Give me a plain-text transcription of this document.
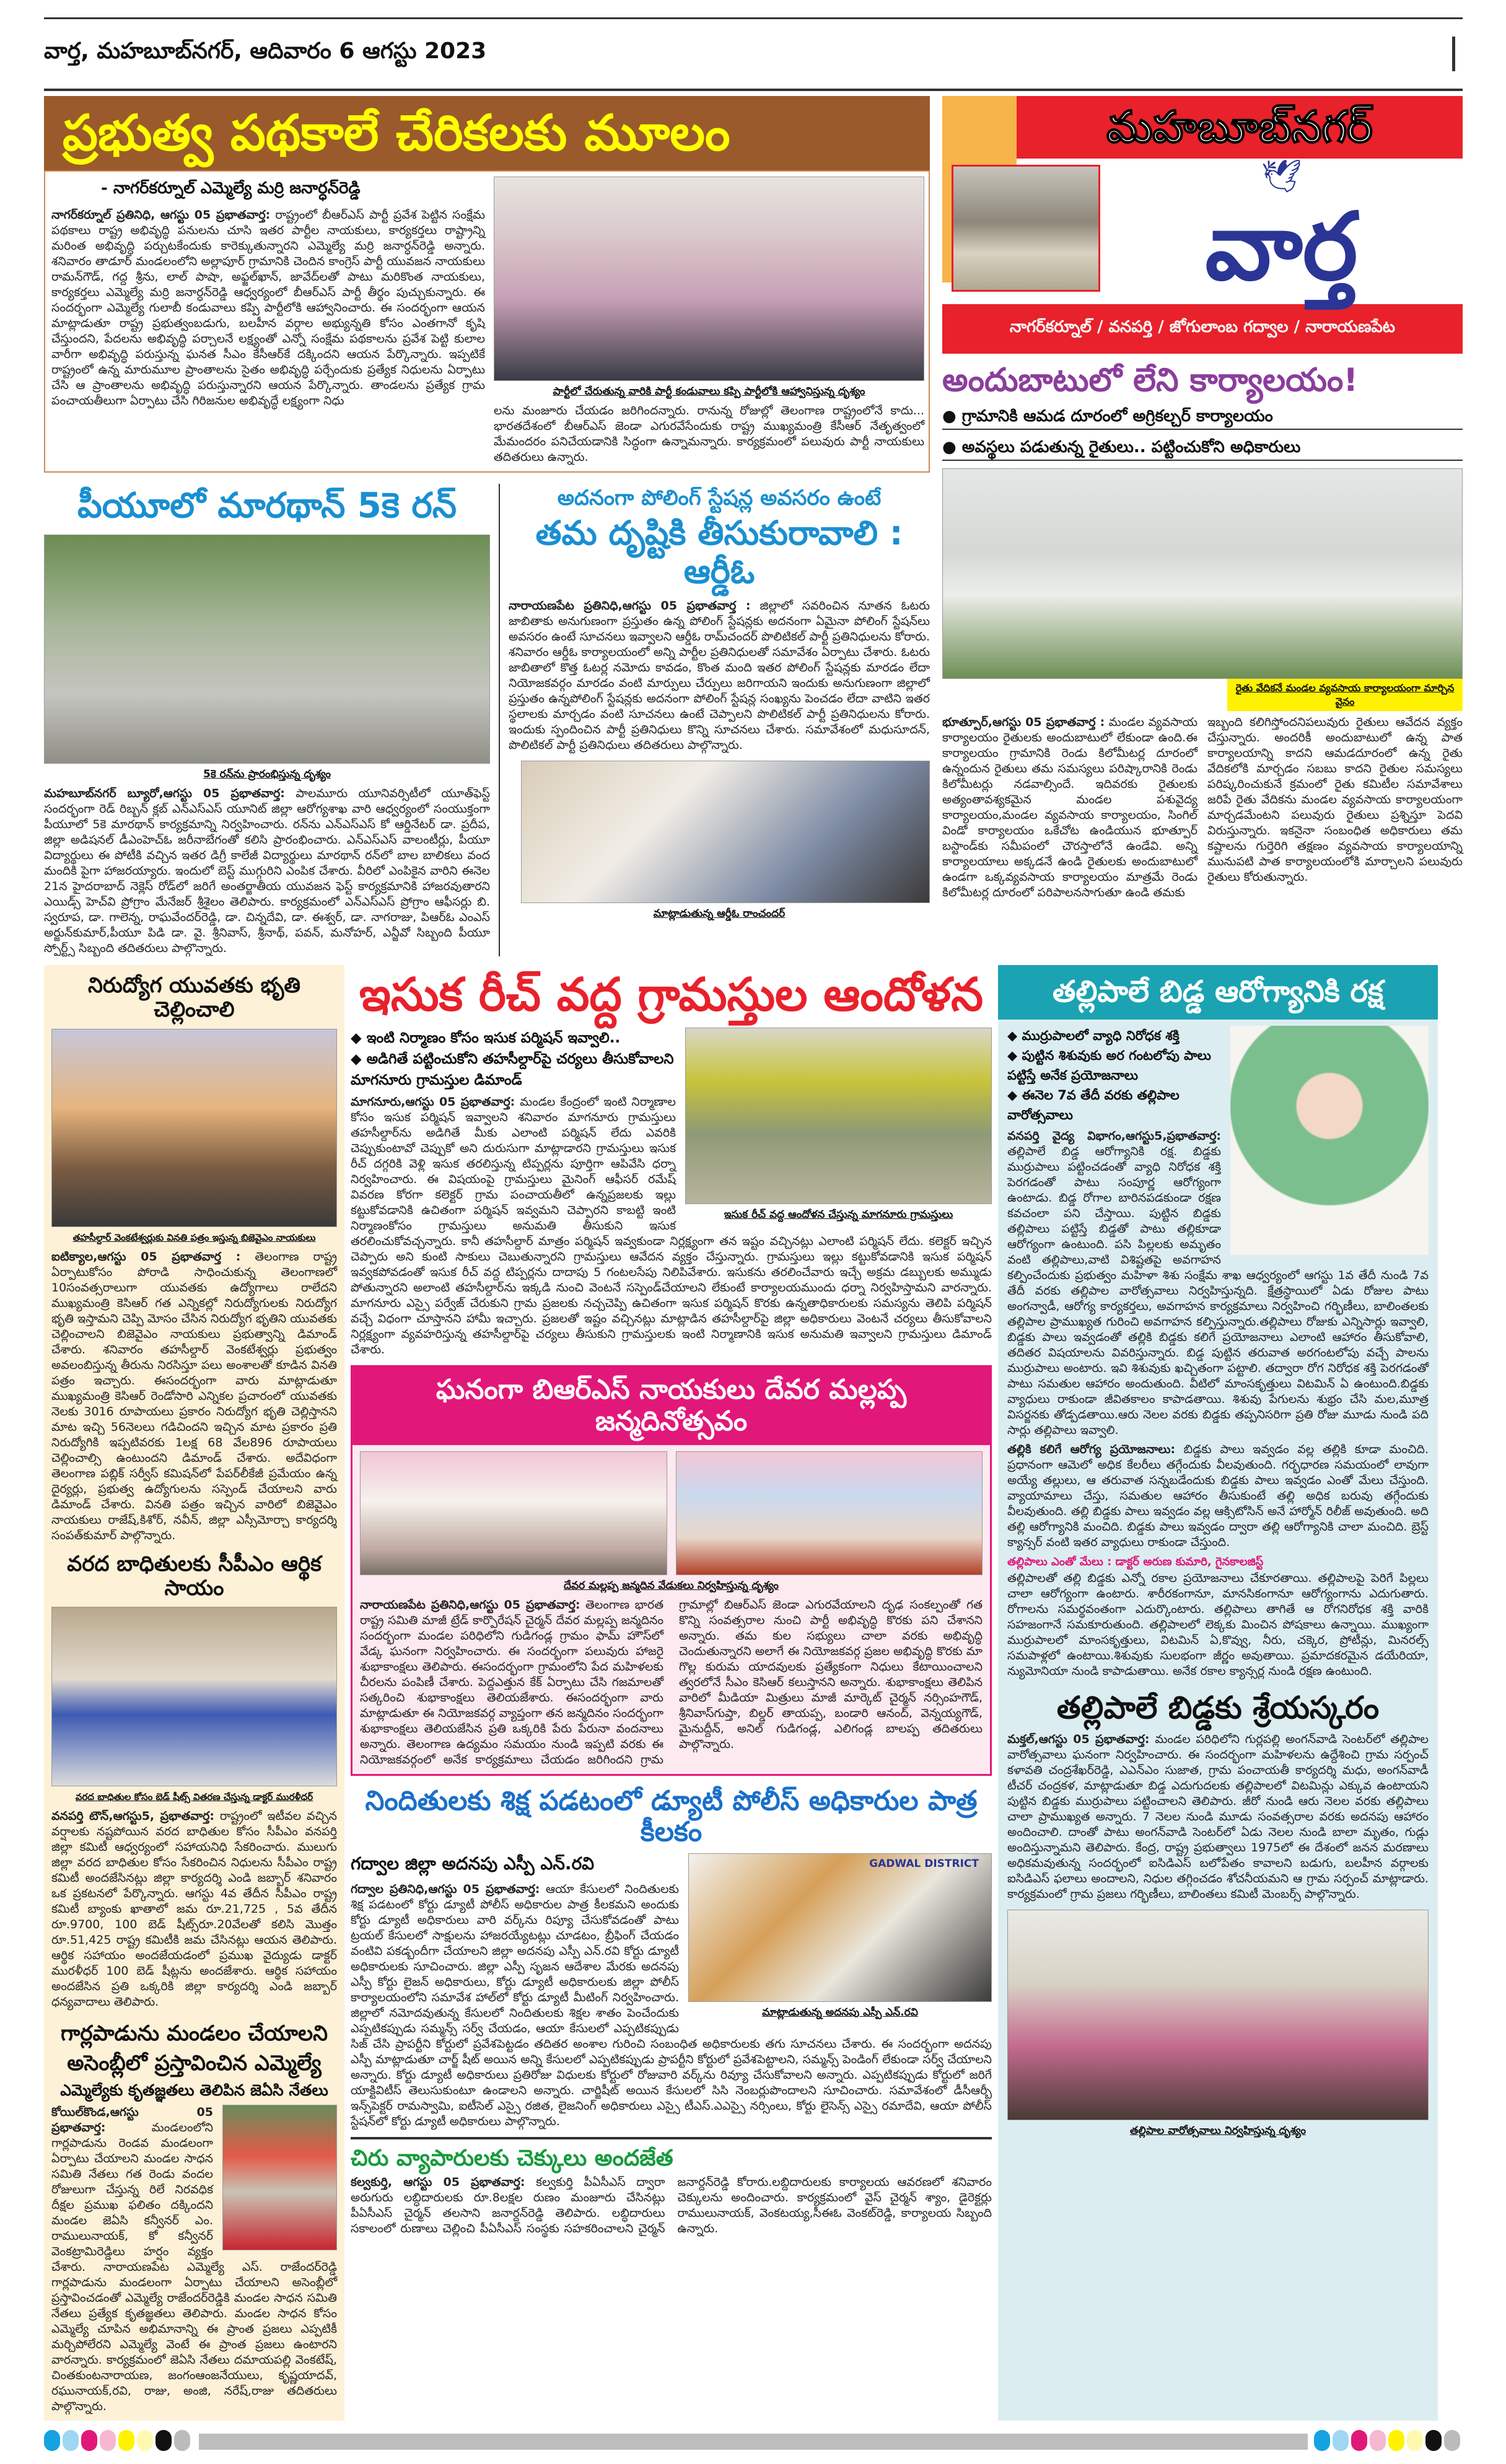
వార్త, మహబూబ్‌నగర్, ఆదివారం 6 ఆగస్టు 2023
ప్రభుత్వ పథకాలే చేరికలకు మూలం
- నాగర్‌కర్నూల్ ఎమ్మెల్యే మర్రి జనార్ధన్‌రెడ్డి
నాగర్‌కర్నూల్ ప్రతినిధి, ఆగస్టు 05 ప్రభాతవార్త: రాష్ట్రంలో బీఆర్ఎస్ పార్టీ ప్రవేశ పెట్టిన సంక్షేమ పథకాలు రాష్ట్ర అభివృద్ధి పనులను చూసి ఇతర పార్టీల నాయకులు, కార్యకర్తలు రాష్ట్రాన్ని మరింత అభివృద్ధి పర్చుటకేందుకు కారెక్కుతున్నారని ఎమ్మెల్యే మర్రి జనార్ధన్‌రెడ్డి అన్నారు. శనివారం తాడూర్ మండలంలోని అల్లాపూర్ గ్రామానికి చెందిన కాంగ్రెస్ పార్టీ యువజన నాయకులు రామన్‌గౌడ్, గద్ద శ్రీను, లాల్ పాషా, అఫ్జల్‌ఖాన్, జావేద్‌లతో పాటు మరికొంత నాయకులు, కార్యకర్తలు ఎమ్మెల్యే మర్రి జనార్ధన్‌రెడ్డి ఆధ్వర్యంలో బీఆర్ఎస్ పార్టీ తీర్థం పుచ్చుకున్నారు. ఈ సందర్భంగా ఎమ్మెల్యే గులాబీ కండువాలు కప్పి పార్టీలోకి ఆహ్వానించారు. ఈ సందర్భంగా ఆయన మాట్లాడుతూ రాష్ట్ర ప్రభుత్వంబడుగు, బలహీన వర్గాల అభ్యున్నతి కోసం ఎంతగానో కృషి చేస్తుందని, పేదలను అభివృద్ధి పర్చాలనే లక్ష్యంతో ఎన్నో సంక్షేమ పథకాలను ప్రవేశ పెట్టి కులాల వారీగా అభివృద్ధి పరుస్తున్న ఘనత సీఎం కేసీఆర్‌కే దక్కిందని ఆయన పేర్కొన్నారు. ఇప్పటికే రాష్ట్రంలో ఉన్న మారుమూల ప్రాంతాలను సైతం అభివృద్ధి పర్చేందుకు ప్రత్యేక నిధులను ఏర్పాటు చేసి ఆ ప్రాంతాలను అభివృద్ధి పరుస్తున్నారని ఆయన పేర్కొన్నారు. తాండలను ప్రత్యేక గ్రామ పంచాయతీలుగా ఏర్పాటు చేసి గిరిజనుల అభివృద్ధే లక్ష్యంగా నిధు
పార్టీలో చేరుతున్న వారికి పార్టీ కండువాలు కప్పి పార్టీలోకి ఆహ్వానిస్తున్న దృశ్యం
లను మంజూరు చేయడం జరిగిందన్నారు. రానున్న రోజుల్లో తెలంగాణ రాష్ట్రంలోనే కాదు... భారతదేశంలో బీఆర్ఎస్ జెండా ఎగురవేసేందుకు రాష్ట్ర ముఖ్యమంత్రి కేసీఆర్ నేతృత్వంలో మేమందరం పనిచేయడానికి సిద్ధంగా ఉన్నామన్నారు. కార్యక్రమంలో పలువురు పార్టీ నాయకులు తదితరులు ఉన్నారు.
పీయూలో మారథాన్ 5కె రన్
5కె రన్‌ను ప్రారంభిస్తున్న దృశ్యం
మహబూబ్‌నగర్ బ్యూరో,ఆగస్టు 05 ప్రభాతవార్త: పాలమూరు యూనివర్సిటీలో యూత్‌ఫెస్ట్ సందర్భంగా రెడ్ రిబ్బన్ క్లబ్ ఎన్ఎస్ఎస్ యూనిట్ జిల్లా ఆరోగ్యశాఖ వారి ఆధ్వర్యంలో సంయుక్తంగా పీయూలో 5కె మారథాన్ కార్యక్రమాన్ని నిర్వహించారు. రన్‌ను ఎన్ఎస్ఎస్ కో ఆర్డినేటర్ డా. ప్రదీప, జిల్లా అడిషనల్ డీఎంహెచ్ఓ జరీనాబేగంతో కలిసి ప్రారంభించారు. ఎన్ఎస్ఎస్ వాలంటీర్లు, పీయూ విద్యార్థులు ఈ పోటీకి వచ్చిన ఇతర డిగ్రీ కాలేజీ విద్యార్థులు మారథాన్ రన్‌లో బాల బాలికలు వంద మందికి పైగా హాజరయ్యారు. ఇందులో బెస్ట్ ముగ్గురిని ఎంపిక చేశారు. వీరిలో ఎంపికైన వారిని ఈనెల 21న హైదరాబాద్ నెక్లెస్ రోడ్‌లో జరిగే అంతర్జాతీయ యువజన ఫెస్ట్ కార్యక్రమానికి హాజరవుతారని ఎయిడ్స్ హెచ్‌వి ప్రోగ్రాం మేనేజర్ శ్రీశైలం తెలిపారు. కార్యక్రమంలో ఎన్ఎస్ఎస్ ప్రోగ్రాం ఆఫీసర్లు బి. స్వరూప, డా. గాలెన్న, రాఘవేందర్‌రెడ్డి, డా. చిన్నదేవి, డా. ఈశ్వర్, డా. నాగరాజు, పిఆర్ఓ ఎంఎస్ అర్జున్‌కుమార్,పీయూ పిడి డా. వై. శ్రీనివాస్, శ్రీనాథ్, పవన్, మనోహర్, ఎన్జీవో సిబ్బంది పీయూ స్పోర్ట్స్ సిబ్బంది తదితరులు పాల్గొన్నారు.
అదనంగా పోలింగ్ స్టేషన్ల అవసరం ఉంటే
తమ దృష్టికి తీసుకురావాలి : ఆర్డీఓ
నారాయణపేట ప్రతినిధి,ఆగస్టు 05 ప్రభాతవార్త : జిల్లాలో సవరించిన నూతన ఓటరు జాబితాకు అనుగుణంగా ప్రస్తుతం ఉన్న పోలింగ్ స్టేషన్లకు అదనంగా ఏమైనా పోలింగ్ స్టేషన్‌లు అవసరం ఉంటే సూచనలు ఇవ్వాలని ఆర్డీఓ రామ్‌చందర్ పొలిటికల్ పార్టీ ప్రతినిధులను కోరారు. శనివారం ఆర్డీఓ కార్యాలయంలో అన్ని పార్టీల ప్రతినిధులతో సమావేశం ఏర్పాటు చేశారు. ఓటరు జాబితాలో కొత్త ఓటర్ల నమోదు కావడం, కొంత మంది ఇతర పోలింగ్ స్టేషన్లకు మారడం లేదా నియోజకవర్గం మారడం వంటి మార్పులు చేర్పులు జరిగాయని ఇందుకు అనుగుణంగా జిల్లాలో ప్రస్తుతం ఉన్నపోలింగ్ స్టేషన్లకు అదనంగా పోలింగ్ స్టేషన్ల సంఖ్యను పెంచడం లేదా వాటిని ఇతర స్థలాలకు మార్చడం వంటి సూచనలు ఉంటే చెప్పాలని పొలిటికల్ పార్టీ ప్రతినిధులను కోరారు. ఇందుకు స్పందించిన పార్టీ ప్రతినిధులు కొన్ని సూచనలు చేశారు. సమావేశంలో మధుసూదన్, పొలిటికల్ పార్టీ ప్రతినిధులు తదితరులు పాల్గొన్నారు.
మాట్లాడుతున్న ఆర్డీఓ రాంచందర్
మహబూబ్‌నగర్
🕊
వార్త
నాగర్‌కర్నూల్ / వనపర్తి / జోగులాంబ గద్వాల / నారాయణపేట
అందుబాటులో లేని కార్యాలయం!
● గ్రామానికి ఆమడ దూరంలో అగ్రికల్చర్ కార్యాలయం
● అవస్థలు పడుతున్న రైతులు.. పట్టించుకోని అధికారులు
రైతు వేదికనే మండల వ్యవసాయ కార్యాలయంగా మార్చిన వైనం
భూత్పూర్,ఆగస్టు 05 ప్రభాతవార్త : మండల వ్యవసాయ కార్యాలయం రైతులకు అందుబాటులో లేకుండా ఉంది.ఈ కార్యాలయం గ్రామానికి రెండు కిలోమీటర్ల దూరంలో ఉన్నందున రైతులు తమ సమస్యలు పరిష్కారానికి రెండు కిలోమీటర్లు నడవాల్సిందే. ఇదివరకు రైతులకు అత్యంతావశ్యకమైన మండల పశువైద్య కార్యాలయం,మండల వ్యవసాయ కార్యాలయం, సింగిల్ విండో కార్యాలయం ఒకేచోట ఉండియున భూత్పూర్ బస్టాండ్‌కు సమీపంలో చౌరస్తాలోనే ఉండేవి. అన్ని కార్యాలయాలు అక్కడనే ఉండి రైతులకు అందుబాటులో ఉండగా ఒక్కవ్యవసాయ కార్యాలయం మాత్రమే రెండు కిలోమీటర్ల దూరంలో పరిపాలనసాగుతూ ఉండి తమకు
ఇబ్బంది కలిగిస్తోందనిపలువురు రైతులు ఆవేదన వ్యక్తం చేస్తున్నారు. అందరికీ అందుబాటులో ఉన్న పాత కార్యాలయాన్ని కాదని ఆమడదూరంలో ఉన్న రైతు వేదికలోకి మార్చడం సబబు కాదని రైతుల సమస్యలు పరిష్కరించుకునే క్రమంలో రైతు కమిటీల సమావేశాలు జరిపే రైతు వేదికను మండల వ్యవసాయ కార్యాలయంగా మార్చడమేంటని పలువురు రైతులు ప్రశ్నిస్తూ పెదవి విరుస్తున్నారు. ఇకనైనా సంబంధిత అధికారులు తమ కష్టాలను గుర్తెరిగి తక్షణం వ్యవసాయ కార్యాలయాన్ని మునుపటి పాత కార్యాలయంలోకి మార్చాలని పలువురు రైతులు కోరుతున్నారు.
నిరుద్యోగ యువతకు భృతి చెల్లించాలి
తహసీల్దార్ వెంకటేశ్వర్లుకు వినతి పత్రం ఇస్తున్న బిజెవైఎం నాయకులు
ఐటిక్యాల,ఆగస్టు 05 ప్రభాతవార్త : తెలంగాణ రాష్ట్ర ఏర్పాటుకోసం పోరాడి సాధించుకున్న తెలంగాణలో 10సంవత్సరాలుగా యువతకు ఉద్యోగాలు రాలేదని ముఖ్యమంత్రి కెసిఆర్ గత ఎన్నికల్లో నిరుద్యోగులకు నిరుద్యోగ భృతి ఇస్తామని చెప్పి మోసం చేసిన నిరుద్యోగ భృతిని యువతకు చెల్లించాలని బిజెవైఎం నాయకులు ప్రభుత్వాన్ని డిమాండ్ చేశారు. శనివారం తహసీల్దార్ వెంకటేశ్వర్లు ప్రభుత్వం అవలంబిస్తున్న తీరును నిరసిస్తూ పలు అంశాలతో కూడిన వినతి పత్రం ఇచ్చారు. ఈసందర్భంగా వారు మాట్లాడుతూ ముఖ్యమంత్రి కెసిఆర్ రెండోసారి ఎన్నికల ప్రచారంలో యువతకు నెలకు 3016 రూపాయలు ప్రకారం నిరుద్యోగ భృతి చెల్లిస్తానని మాట ఇచ్చి 56నెలలు గడిచిందని ఇచ్చిన మాట ప్రకారం ప్రతి నిరుద్యోగికి ఇప్పటివరకు 1లక్ష 68 వేల896 రూపాయలు చెల్లించాల్సి ఉంటుందని డిమాండ్ చేశారు. అదేవిధంగా తెలంగాణ పబ్లిక్ సర్వీస్ కమిషన్‌లో పేపర్‌లీకేజీ ప్రమేయం ఉన్న దైర్యర్లు, ప్రభుత్వ ఉద్యోగులను సస్పెండ్ చేయాలని వారు డిమాండ్ చేశారు. వినతి పత్రం ఇచ్చిన వారిలో బిజెవైఎం నాయకులు రాజేష్,కిశోర్, నవీన్, జిల్లా ఎస్సీమోర్చా కార్యదర్శి సంపత్‌కుమార్ పాల్గొన్నారు.
వరద బాధితులకు సీపీఎం ఆర్థిక సాయం
వరద బాధితుల కోసం బెడ్ షీట్స్ వితరణ చేస్తున్న డాక్టర్ మురళీధర్
వనపర్తి టౌన్,ఆగస్టు5, ప్రభాతవార్త: రాష్ట్రంలో ఇటీవల వచ్చిన వర్షాలకు నష్టపోయిన వరద బాధితుల కోసం సీపీఎం వనపర్తి జిల్లా కమిటీ ఆధ్వర్యంలో సహాయనిధి సేకరించారు. ములుగు జిల్లా వరద బాధితుల కోసం సేకరించిన నిధులను సీపీఎం రాష్ట్ర కమిటీ అందజేసినట్లు జిల్లా కార్యదర్శి ఎండి జబ్బార్ శనివారం ఒక ప్రకటనలో పేర్కొన్నారు. ఆగస్టు 4వ తేదీన సీపీఎం రాష్ట్ర కమిటీ బ్యాంకు ఖాతాలో జమ రూ.21,725 , 5వ తేదీన రూ.9700, 100 బెడ్ షీట్స్‌రూ.20వేలతో కలిసి మొత్తం రూ.51,425 రాష్ట్ర కమిటీకి జమ చేసినట్లు ఆయన తెలిపారు. ఆర్థిక సహాయం అందజేయడంలో ప్రముఖ వైద్యుడు డాక్టర్ మురళీధర్ 100 బెడ్ షీట్లను అందజేశారు. ఆర్థిక సహాయం అందజేసిన ప్రతి ఒక్కరికి జిల్లా కార్యదర్శి ఎండి జబ్బార్ ధన్యవాదాలు తెలిపారు.
గార్లపాడును మండలం చేయాలని అసెంబ్లీలో ప్రస్తావించిన ఎమ్మెల్యే
ఎమ్మెల్యేకు కృతజ్ఞతలు తెలిపిన జెఏసి నేతలు
కోయిల్‌కొండ,ఆగస్టు 05 ప్రభాతవార్త:	మండలంలోని గార్లపాడును రెండవ మండలంగా ఏర్పాటు చేయాలని మండల సాధన సమితి నేతలు గత రెండు వందల రోజులుగా చేస్తున్న రిలే నిరవధిక దీక్షల ప్రముఖ ఫలితం దక్కిందని మండల జెఏసి కన్వీనర్ ఎం. రాములునాయక్, కో కన్వీనర్ వెంకట్రామిరెడ్డిలు హర్షం వ్యక్తం చేశారు. నారాయణపేట ఎమ్మెల్యే ఎస్. రాజేందర్‌రెడ్డి గార్లపాడును మండలంగా ఏర్పాటు చేయాలని అసెంబ్లీలో ప్రస్తావించడంతో ఎమ్మెల్యే రాజేందర్‌రెడ్డికి మండల సాధన సమితి నేతలు ప్రత్యేక కృతజ్ఞతలు తెలిపారు. మండల సాధన కోసం ఎమ్మెల్యే చూపిన అభిమానాన్ని ఈ ప్రాంత ప్రజలు ఎప్పటికీ మర్చిపోలేరని ఎమ్మెల్యే వెంటే ఈ ప్రాంత ప్రజలు ఉంటారని వారన్నారు. కార్యక్రమంలో జెఏసి నేతలు దమాయపల్లి వెంకటేష్, చింతకుంటనారాయణ, జంగంఆంజనేయులు, కృష్ణయాదవ్, రఘునాయక్,రవి, రాజు, అంజి, నరేష్,రాజు తదితరులు పాల్గొన్నారు.
ఇసుక రీచ్ వద్ద గ్రామస్తుల ఆందోళన
ఇసుక రీచ్ వద్ద ఆందోళన చేస్తున్న మాగనూరు గ్రామస్తులు
◆ ఇంటి నిర్మాణం కోసం ఇసుక పర్మిషన్ ఇవ్వాలి..
◆ అడిగితే పట్టించుకోని తహసీల్దార్‌పై చర్యలు తీసుకోవాలని మాగనూరు గ్రామస్తుల డిమాండ్
మాగనూరు,ఆగస్టు 05 ప్రభాతవార్త: మండల కేంద్రంలో ఇంటి నిర్మాణాల కోసం ఇసుక పర్మిషన్ ఇవ్వాలని శనివారం మాగనూరు గ్రామస్తులు తహసీల్దార్‌ను అడిగితే మీకు ఎలాంటి పర్మిషన్ లేదు ఎవరికి చెప్పుకుంటావో చెప్పుకో అని దురుసుగా మాట్లాడారని గ్రామస్తులు ఇసుక రీచ్ దగ్గరికి వెళ్లి ఇసుక తరలిస్తున్న టిప్పర్లను పూర్తిగా ఆపివేసి ధర్నా నిర్వహించారు. ఈ విషయంపై గ్రామస్తులు మైనింగ్ ఆఫీసర్ రమేష్ వివరణ కోరగా కలెక్టర్ గ్రామ పంచాయతీలో ఉన్నప్రజలకు ఇల్లు కట్టుకోవడానికి ఉచితంగా పర్మిషన్ ఇవ్వమని చెప్పారని కాబట్టి ఇంటి నిర్మాణంకోసం గ్రామస్తులు అనుమతి తీసుకుని ఇసుక తరలించుకోవచ్చన్నారు. కానీ తహసీల్దార్ మాత్రం పర్మిషన్ ఇవ్వకుండా నిర్లక్ష్యంగా తన ఇష్టం వచ్చినట్లు ఎలాంటి పర్మిషన్ లేదు. కలెక్టర్ ఇచ్చిన చెప్పారు అని కుంటి సాకులు చెబుతున్నారని గ్రామస్తులు ఆవేదన వ్యక్తం చేస్తున్నారు. గ్రామస్తులు ఇల్లు కట్టుకోవడానికి ఇసుక పర్మిషన్ ఇవ్వకపోవడంతో ఇసుక రీచ్ వద్ద టిప్పర్లను దాదాపు 5 గంటలసేపు నిలిపివేశారు. ఇసుకను తరలించేవారు ఇచ్చే అక్రమ డబ్బులకు అమ్ముడు పోతున్నారని అలాంటి తహసీల్దార్‌ను ఇక్కడి నుంచి వెంటనే సస్పెండ్‌చేయాలని లేకుంటే కార్యాలయముందు ధర్నా నిర్వహిస్తామని వారన్నారు. మాగనూరు ఎస్సై పర్వేజ్ చేరుకుని గ్రామ ప్రజలకు నచ్చచెప్పి ఉచితంగా ఇసుక పర్మిషన్ కొరకు ఉన్నతాధికారులకు సమస్యను తెలిపి పర్మిషన్ వచ్చే విధంగా చూస్తానని హామీ ఇచ్చారు. ప్రజలతో ఇష్టం వచ్చినట్లు మాట్లాడిన తహసీల్దార్‌పై జిల్లా అధికారులు వెంటనే చర్యలు తీసుకోవాలని నిర్లక్ష్యంగా వ్యవహరిస్తున్న తహసీల్దార్‌పై చర్యలు తీసుకుని గ్రామస్తులకు ఇంటి నిర్మాణానికి ఇసుక అనుమతి ఇవ్వాలని గ్రామస్తులు డిమాండ్ చేశారు.
ఘనంగా బిఆర్ఎస్ నాయకులు దేవర మల్లప్ప జన్మదినోత్సవం
దేవర మల్లప్ప జన్మదిన వేడుకలు నిర్వహిస్తున్న దృశ్యం
నారాయణపేట ప్రతినిధి,ఆగస్టు 05 ప్రభాతవార్త: తెలంగాణ భారత రాష్ట్ర సమితి మాజీ ట్రేడ్ కార్పొరేషన్ చైర్మన్ దేవర మల్లప్ప జన్మదినం సందర్భంగా మండల పరిధిలోని గుడిగండ్ల గ్రామం ఫామ్ హౌస్‌లో వేడ్క ఘనంగా నిర్వహించారు. ఈ సందర్భంగా పలువురు హాజరై శుభాకాంక్షలు తెలిపారు. ఈసందర్భంగా గ్రామంలోని పేద మహిళలకు చీరలను పంపిణీ చేశారు. పెద్దఎత్తున కేక్ ఏర్పాటు చేసి గజమాలతో సత్కరించి శుభాకాంక్షలు తెలియజేశారు. ఈసందర్భంగా వారు మాట్లాడుతూ ఈ నియోజకవర్గ వ్యాప్తంగా తన జన్మదినం సందర్భంగా శుభాకాంక్షలు తెలియజేసిన ప్రతి ఒక్కరికి పేరు పేరునా వందనాలు అన్నారు. తెలంగాణ ఉద్యమం సమయం నుండి ఇప్పటి వరకు ఈ నియోజకవర్గంలో అనేక కార్యక్రమాలు చేయడం జరిగిందని గ్రామ గ్రామాల్లో బిఆర్ఎస్ జెండా ఎగురవేయాలని దృఢ సంకల్పంతో గత కొన్ని సంవత్సరాల నుంచి పార్టీ అభివృద్ధి కొరకు పని చేశానని అన్నారు. తమ కుల సభ్యులు చాలా వరకు అభివృద్ధి చెందుతున్నారని అలాగే ఈ నియోజకవర్గ ప్రజల అభివృద్ధి కొరకు మా గొల్ల కురుమ యాదవులకు ప్రత్యేకంగా నిధులు కేటాయించాలని త్వరలోనే సీఎం కెసిఆర్ కలుస్తానని అన్నారు. శుభాకాంక్షలు తెలిపిన వారిలో మీడియా మిత్రులు మాజీ మార్కెట్ చైర్మన్ నర్సింహగౌడ్, శ్రీనివాస్‌గుప్తా, బిల్డర్ తాయప్ప, బండారి ఆనంద్, వెన్నయ్యగౌడ్, మైనుద్దీన్, అనిల్ గుడిగండ్ల, ఎలిగండ్ల బాలప్ప తదితరులు పాల్గొన్నారు.
నిందితులకు శిక్ష పడటంలో డ్యూటీ పోలీస్ అధికారుల పాత్ర కీలకం
GADWAL DISTRICT
మాట్లాడుతున్న అదనపు ఎస్పీ ఎన్.రవి
గద్వాల జిల్లా అదనపు ఎస్పీ ఎన్.రవి
గద్వాల ప్రతినిధి,ఆగస్టు 05 ప్రభాతవార్త: ఆయా కేసులలో నిందితులకు శిక్ష పడటంలో కోర్టు డ్యూటీ పోలీస్ అధికారుల పాత్ర కీలకమని అందుకు కోర్టు డ్యూటీ అధికారులు వారి వర్క్‌ను రిప్యూ చేసుకోవడంతో పాటు ట్రయల్ కేసులలో సాక్షులను హాజరయ్యేటట్లు చూడటం, బ్రీఫింగ్ చేయడం వంటివి పకడ్బందీగా చేయాలని జిల్లా అదనపు ఎస్పీ ఎన్.రవి కోర్టు డ్యూటీ అధికారులకు సూచించారు. జిల్లా ఎస్పీ సృజన ఆదేశాల మేరకు అదనపు ఎస్పీ కోర్టు లైజన్ అధికారులు, కోర్టు డ్యూటీ అధికారులకు జిల్లా పోలీస్ కార్యాలయంలోని సమావేశ హాల్‌లో కోర్టు డ్యూటీ మీటింగ్ నిర్వహించారు. జిల్లాలో నమోదవుతున్న కేసులలో నిందితులకు శిక్షల శాతం పెంచేందుకు ఎప్పటికప్పుడు సమ్మన్స్ సర్వ్ చేయడం, ఆయా కేసులలో ఎప్పటికప్పుడు సిజ్ చేసి ప్రాపర్టీని కోర్టులో ప్రవేశపెట్టడం తదితర అంశాల గురించి సంబంధిత అధికారులకు తగు సూచనలు చేశారు. ఈ సందర్భంగా అదనపు ఎస్పీ మాట్లాడుతూ చార్జ్ షీట్ అయిన అన్ని కేసులలో ఎప్పటికప్పుడు ప్రాపర్టీని కోర్టులో ప్రవేశపెట్టాలని, సమ్మన్స్ పెండింగ్ లేకుండా సర్వ్ చేయాలని అన్నారు. కోర్టు డ్యూటీ అధికారులు ప్రతిరోజు విధులకు కోర్టులో రోజువారి వర్క్‌ను రివ్యూ చేసుకోవాలని అన్నారు. ఎప్పటికప్పుడు కోర్టులో జరిగే యాక్టివిటీస్ తెలుసుకుంటూ ఉండాలని అన్నారు. చార్జిషీట్ అయిన కేసులలో సిసి నెంబర్లుపొందాలని సూచించారు. సమావేశంలో డీసీఆర్బీ ఇన్స్‌పెక్టర్ రామస్వామి, ఐటీసెల్ ఎస్సై రజిత, లైజనింగ్ అధికారులు ఎస్సై టీఎస్.ఎఎస్సై నర్సింలు, కోర్టు లైసెన్స్ ఎస్సై రమాదేవి, ఆయా పోలీస్ స్టేషన్‌లో కోర్టు డ్యూటీ అధికారులు పాల్గొన్నారు.
చిరు వ్యాపారులకు చెక్కులు అందజేత
కల్వకుర్తి, ఆగస్టు 05 ప్రభాతవార్త: కల్వకుర్తి పీఏసీఎస్ ద్వారా అరుగురు లబ్ధిదారులకు రూ.8లక్షల రుణం మంజూరు చేసినట్లు పీఏసీఎస్ చైర్మన్ తలసాని జనార్దన్‌రెడ్డి తెలిపారు. లబ్ధిదారులు సకాలంలో రుణాలు చెల్లించి పీఏసీఎస్ సంస్థకు సహకరించాలని చైర్మన్ జనార్దన్‌రెడ్డి కోరారు.లబ్దిదారులకు కార్యాలయ ఆవరణలో శనివారం చెక్కులను అందించారు. కార్యక్రమంలో వైస్ చైర్మన్ శ్యాం, డైరెక్టర్లు రాములునాయక్, వెంకటయ్య,సీఈఓ వెంకట్‌రెడ్డి, కార్యాలయ సిబ్బంది ఉన్నారు.
తల్లిపాలే బిడ్డ ఆరోగ్యానికి రక్ష
◆ ముర్రుపాలలో వ్యాధి నిరోధక శక్తి
◆ పుట్టిన శిశువుకు అర గంటలోపు పాలు పట్టిస్తే అనేక ప్రయోజనాలు
◆ ఈనెల 7వ తేదీ వరకు తల్లిపాల వారోత్సవాలు
వనపర్తి వైద్య విభాగం,ఆగస్టు5,ప్రభాతవార్త: తల్లిపాలే బిడ్డ ఆరోగ్యానికి రక్ష. బిడ్డకు ముర్రుపాలు పట్టించడంతో వ్యాధి నిరోధక శక్తి పెరగడంతో పాటు సంపూర్ణ ఆరోగ్యంగా ఉంటాడు. బిడ్డ రోగాల బారినపడకుండా రక్షణ కవచంలా పని చేస్తాయి. పుట్టిన బిడ్డకు తల్లిపాలు పట్టిస్తే బిడ్డతో పాటు తల్లికూడా ఆరోగ్యంగా ఉంటుంది. పసి పిల్లలకు అమృతం వంటి తల్లిపాలు,వాటి విశిష్టతపై అవగాహన కల్పించేందుకు ప్రభుత్వం మహిళా శిశు సంక్షేమ శాఖ ఆధ్వర్యంలో ఆగస్టు 1వ తేదీ నుండి 7వ తేదీ వరకు తల్లిపాల వారోత్సవాలు నిర్వహిస్తున్నది. క్షేత్రస్థాయిలో ఏడు రోజుల పాటు అంగన్వాడీ, ఆరోగ్య కార్యకర్తలు, అవగాహన కార్యక్రమాలు నిర్వహించి గర్భిణీలు, బాలింతలకు తల్లిపాల ప్రాముఖ్యత గురించి అవగాహన కల్పిస్తున్నారు.తల్లిపాలు రోజుకు ఎన్నిసార్లు ఇవ్వాలి, బిడ్డకు పాలు ఇవ్వడంతో తల్లికి బిడ్డకు కలిగే ప్రయోజనాలు ఎలాంటి ఆహారం తీసుకోవాలి, తదితర విషయాలను వివరిస్తున్నారు. బిడ్డ పుట్టిన తరువాత అరగంటలోపు వచ్చే పాలను ముర్రుపాలు అంటారు. ఇవి శిశువుకు ఖచ్చితంగా పట్టాలి. తద్వారా రోగ నిరోధక శక్తి పెరగడంతో పాటు సమతుల ఆహారం అందుతుంది. వీటిలో మాంసకృత్తులు విటమిన్ ఏ ఉంటుంది.బిడ్డకు వ్యాధులు రాకుండా జీవితకాలం కాపాడతాయి. శిశువు పేగులను శుభ్రం చేసి మల,మూత్ర విసర్జనకు తోడ్పడతాయి.ఆరు నెలల వరకు బిడ్డకు తప్పనిసరిగా ప్రతి రోజు మూడు నుండి పది సార్లు తల్లిపాలు ఇవ్వాలి.
తల్లికి కలిగే ఆరోగ్య ప్రయోజనాలు: బిడ్డకు పాలు ఇవ్వడం వల్ల తల్లికి కూడా మంచిది. ప్రధానంగా ఆమెలో అధిక కేలరీలు తగ్గేందుకు వీలవుతుంది. గర్భధారణ సమయంలో లావుగా అయ్యే తల్లులు, ఆ తరువాత సన్నబడేందుకు బిడ్డకు పాలు ఇవ్వడం ఎంతో మేలు చేస్తుంది. వ్యాయామాలు చేస్తు, సమతుల ఆహారం తీసుకుంటే తల్లి అధిక బరువు తగ్గేందుకు వీలవుతుంది. తల్లి బిడ్డకు పాలు ఇవ్వడం వల్ల ఆక్సిటోసిన్ అనే హార్మోన్ రిలీజ్ అవుతుంది. అది తల్లి ఆరోగ్యానికి మంచిది. బిడ్డకు పాలు ఇవ్వడం ద్వారా తల్లి ఆరోగ్యానికి చాలా మంచిది. బ్రెస్ట్ క్యాన్సర్ వంటి ఇతర వ్యాధులు రాకుండా చేస్తుంది.
తల్లిపాలు ఎంతో మేలు : డాక్టర్ అరుణ కుమారి, గైనకాలజిస్ట్
తల్లిపాలతో తల్లి బిడ్డకు ఎన్నో రకాల ప్రయోజనాలు చేకూరతాయి. తల్లిపాలపై పెరిగే పిల్లలు చాలా ఆరోగ్యంగా ఉంటారు. శారీరకంగానూ, మానసికంగానూ ఆరోగ్యంగాను ఎదుగుతారు. రోగాలను సమర్థవంతంగా ఎదుర్కొంటారు. తల్లిపాలు తాగితే ఆ రోగనిరోధక శక్తి వారికి సహజంగానే సమకూరుతుంది. తల్లిపాలలో లెక్కకు మించిన పోషకాలు ఉన్నాయి. ముఖ్యంగా ముర్రుపాలలో మాంసకృత్తులు, విటమిన్ ఏ,కొవ్వు, నీరు, చక్కెర, ప్రోటీన్లు, మినరల్స్ సమపాళ్లలో ఉంటాయి.శిశువుకు సులభంగా జీర్ణం అవుతాయి. ప్రమాదకరమైన డయేరియా, న్యుమోనియా నుండి కాపాడుతాయి. అనేక రకాల క్యాన్సర్ల నుండి రక్షణ ఉంటుంది.
తల్లిపాలే బిడ్డకు శ్రేయస్కరం
మక్తల్,ఆగస్టు 05 ప్రభాతవార్త: మండల పరిధిలోని గుర్లపల్లి అంగన్‌వాడి సెంటర్‌లో తల్లిపాల వారోత్సవాలు ఘనంగా నిర్వహించారు. ఈ సందర్భంగా మహిళలను ఉద్దేశించి గ్రామ సర్పంచ్ కళావతి చంద్రశేఖర్‌రెడ్డి, ఎఎన్ఎం సుజాత, గ్రామ పంచాయతీ కార్యదర్శి మధు, అంగన్‌వాడీ టీచర్ చంద్రకళ, మాట్లాడుతూ బిడ్డ ఎదుగుదలకు తల్లిపాలలో విటమిన్లు ఎక్కువ ఉంటాయని పుట్టిన బిడ్డకు ముర్రుపాలు పట్టించాలని తెలిపారు. జీరో నుండి ఆరు నెలల వరకు తల్లిపాలు చాలా ప్రాముఖ్యత అన్నారు. 7 నెలల నుండి మూడు సంవత్సరాల వరకు అదనపు ఆహారం అందించాలి. దాంతో పాటు అంగన్‌వాడి సెంటర్‌లో ఏడు నెలల నుండి బాలా మృతం, గుడ్లు అందిస్తున్నామని తెలిపారు. కేంద్ర, రాష్ట్ర ప్రభుత్వాలు 1975లో ఈ దేశంలో జనన మరణాలు అధికమవుతున్న సందర్భంలో ఐసిడిఎస్ బలోపేతం కావాలని బడుగు, బలహీన వర్గాలకు ఐసిడిఎస్ ఫలాలు అందాలని, నిధుల తగ్గించడం శోచనీయమని ఆ గ్రామ సర్పంచ్ మాట్లాడారు. కార్యక్రమంలో గ్రామ ప్రజలు గర్భిణీలు, బాలింతలు కమిటీ మెంబర్స్ పాల్గొన్నారు.
తల్లిపాల వారోత్సవాలు నిర్వహిస్తున్న దృశ్యం
